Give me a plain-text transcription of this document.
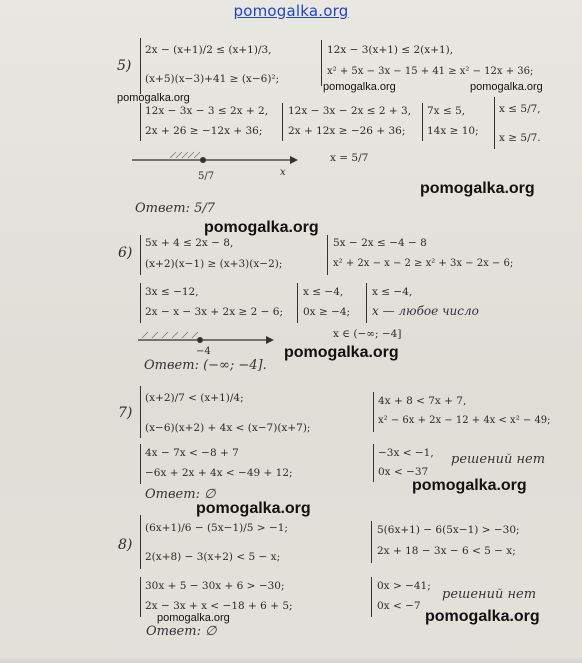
pomogalka.org
5)
2x − (x+1)/2 ≤ (x+1)/3,
(x+5)(x−3)+41 ≥ (x−6)²;
12x − 3(x+1) ≤ 2(x+1),
x² + 5x − 3x − 15 + 41 ≥ x² − 12x + 36;
pomogalka.org
pomogalka.org	pomogalka.org
12x − 3x − 3 ≤ 2x + 2,
2x + 26 ≥ −12x + 36;
12x − 3x − 2x ≤ 2 + 3,
2x + 12x ≥ −26 + 36;
7x ≤ 5,
14x ≥ 10;
x ≤ 5/7,
x ≥ 5/7.
5/7	x
x = 5/7
pomogalka.org
Ответ: 5/7
pomogalka.org
6)
5x + 4 ≤ 2x − 8,
(x+2)(x−1) ≥ (x+3)(x−2);
5x − 2x ≤ −4 − 8
x² + 2x − x − 2 ≥ x² + 3x − 2x − 6;
3x ≤ −12,
2x − x − 3x + 2x ≥ 2 − 6;
x ≤ −4,
0x ≥ −4;
x ≤ −4,
x — любое число
−4
x ∈ (−∞; −4]
pomogalka.org
Ответ: (−∞; −4].
7)
(x+2)/7 < (x+1)/4;
(x−6)(x+2) + 4x < (x−7)(x+7);
4x + 8 < 7x + 7,
x² − 6x + 2x − 12 + 4x < x² − 49;
4x − 7x < −8 + 7
−6x + 2x + 4x < −49 + 12;
−3x < −1,
0x < −37
решений нет
pomogalka.org
Ответ: ∅
pomogalka.org
8)
(6x+1)/6 − (5x−1)/5 > −1;
2(x+8) − 3(x+2) < 5 − x;
5(6x+1) − 6(5x−1) > −30;
2x + 18 − 3x − 6 < 5 − x;
30x + 5 − 30x + 6 > −30;
2x − 3x + x < −18 + 6 + 5;
0x > −41;
0x < −7
решений нет
pomogalka.org	pomogalka.org
Ответ: ∅
